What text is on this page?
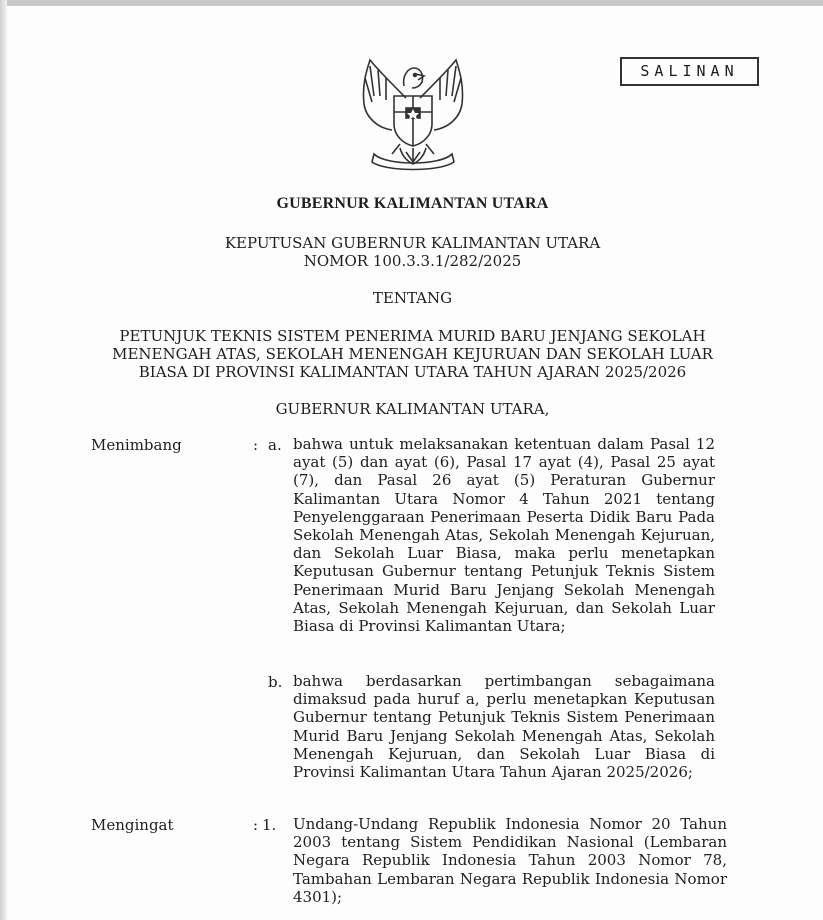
SALINAN
GUBERNUR KALIMANTAN UTARA
KEPUTUSAN GUBERNUR KALIMANTAN UTARA
NOMOR 100.3.3.1/282/2025
TENTANG
PETUNJUK TEKNIS SISTEM PENERIMA MURID BARU JENJANG SEKOLAH
MENENGAH ATAS, SEKOLAH MENENGAH KEJURUAN DAN SEKOLAH LUAR
BIASA DI PROVINSI KALIMANTAN UTARA TAHUN AJARAN 2025/2026
GUBERNUR KALIMANTAN UTARA,
Menimbang	: a. bahwa untuk melaksanakan ketentuan dalam Pasal 12 ayat (5) dan ayat (6), Pasal 17 ayat (4), Pasal 25 ayat (7), dan Pasal 26 ayat (5) Peraturan Gubernur Kalimantan Utara Nomor 4 Tahun 2021 tentang Penyelenggaraan Penerimaan Peserta Didik Baru Pada Sekolah Menengah Atas, Sekolah Menengah Kejuruan, dan Sekolah Luar Biasa, maka perlu menetapkan Keputusan Gubernur tentang Petunjuk Teknis Sistem Penerimaan Murid Baru Jenjang Sekolah Menengah Atas, Sekolah Menengah Kejuruan, dan Sekolah Luar Biasa di Provinsi Kalimantan Utara;
b. bahwa berdasarkan pertimbangan sebagaimana dimaksud pada huruf a, perlu menetapkan Keputusan Gubernur tentang Petunjuk Teknis Sistem Penerimaan Murid Baru Jenjang Sekolah Menengah Atas, Sekolah Menengah Kejuruan, dan Sekolah Luar Biasa di Provinsi Kalimantan Utara Tahun Ajaran 2025/2026;
Mengingat	: 1. Undang-Undang Republik Indonesia Nomor 20 Tahun 2003 tentang Sistem Pendidikan Nasional (Lembaran Negara Republik Indonesia Tahun 2003 Nomor 78, Tambahan Lembaran Negara Republik Indonesia Nomor 4301);
